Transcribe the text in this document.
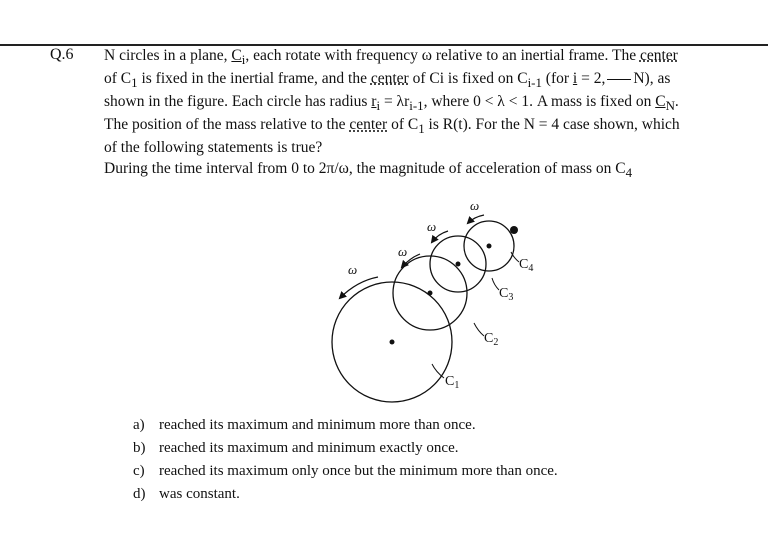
Q.6 N circles in a plane, $C_i$, each rotate with frequency ω relative to an inertial frame. The center
of $C_1$ is fixed in the inertial frame, and the center of Ci is fixed on $C_{i-1}$ (for i = 2, N), as
shown in the figure. Each circle has radius $r_i = \lambda r_{i-1}$, where 0 < λ < 1. A mass is fixed on $C_N$.
The position of the mass relative to the center of $C_1$ is R(t). For the N = 4 case shown, which
of the following statements is true?
During the time interval from 0 to 2π/ω, the magnitude of acceleration of mass on $C_4$
ω
ω
ω
ω
$C_1$
$C_2$
$C_3$
$C_4$
a) reached its maximum and minimum more than once.
b) reached its maximum and minimum exactly once.
c) reached its maximum only once but the minimum more than once.
d) was constant.
